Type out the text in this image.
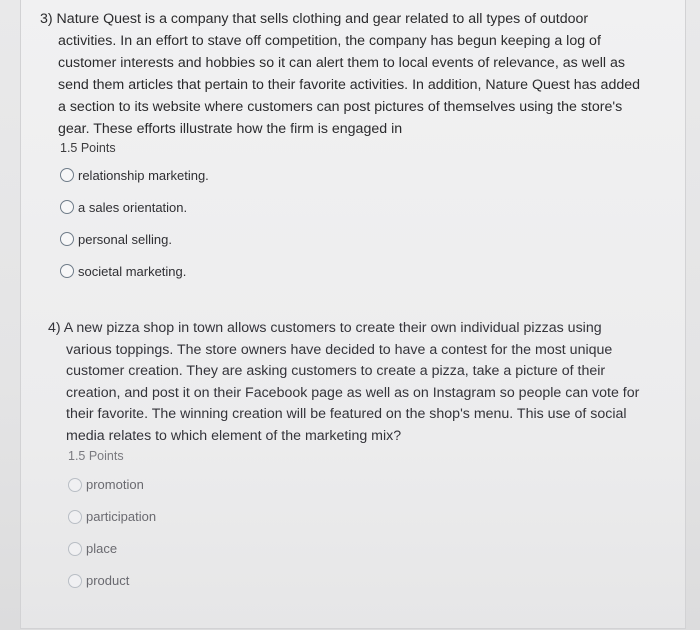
3) Nature Quest is a company that sells clothing and gear related to all types of outdoor activities. In an effort to stave off competition, the company has begun keeping a log of customer interests and hobbies so it can alert them to local events of relevance, as well as send them articles that pertain to their favorite activities. In addition, Nature Quest has added a section to its website where customers can post pictures of themselves using the store's gear. These efforts illustrate how the firm is engaged in

1.5 Points
relationship marketing.
a sales orientation.
personal selling.
societal marketing.

4) A new pizza shop in town allows customers to create their own individual pizzas using various toppings. The store owners have decided to have a contest for the most unique customer creation. They are asking customers to create a pizza, take a picture of their creation, and post it on their Facebook page as well as on Instagram so people can vote for their favorite. The winning creation will be featured on the shop's menu. This use of social media relates to which element of the marketing mix?

1.5 Points
promotion
participation
place
product
